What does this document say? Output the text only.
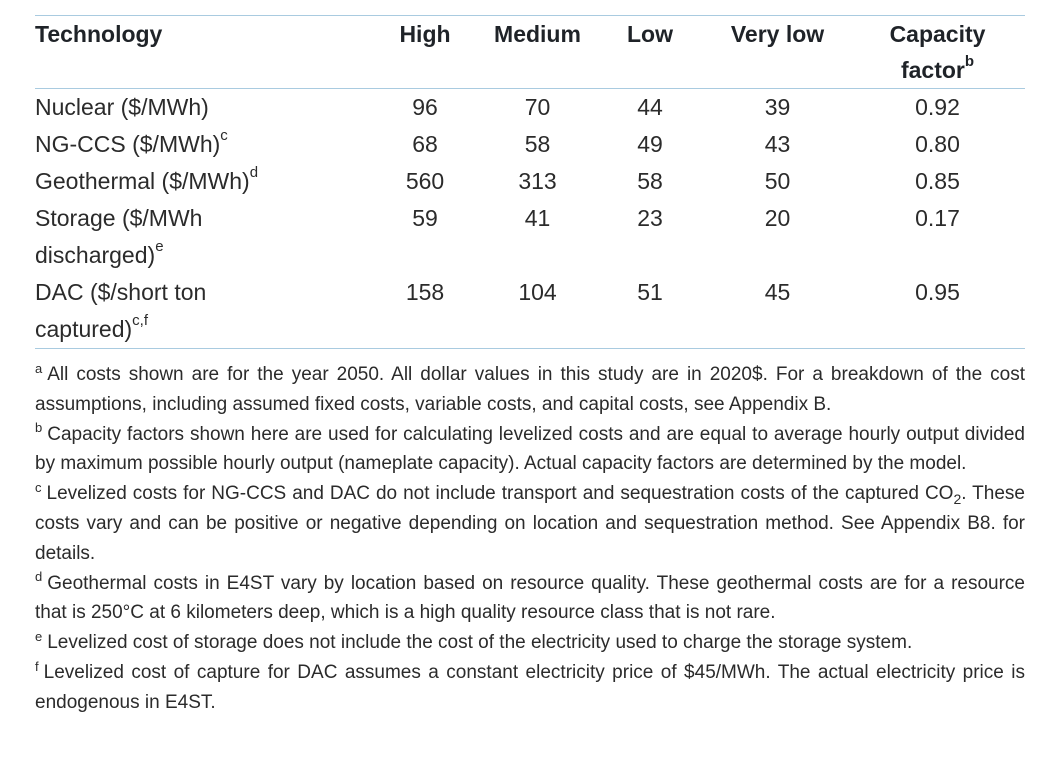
Technology	High	Medium	Low	Very low	Capacity factor$^b$
Nuclear ($/MWh)	96	70	44	39	0.92
NG-CCS ($/MWh)$^c$	68	58	49	43	0.80
Geothermal ($/MWh)$^d$	560	313	58	50	0.85
Storage ($/MWh discharged)$^e$	59	41	23	20	0.17
DAC ($/short ton captured)$^{c,f}$	158	104	51	45	0.95
$^a$ All costs shown are for the year 2050. All dollar values in this study are in 2020$. For a breakdown of the cost assumptions, including assumed fixed costs, variable costs, and capital costs, see Appendix B.
$^b$ Capacity factors shown here are used for calculating levelized costs and are equal to average hourly output divided by maximum possible hourly output (nameplate capacity). Actual capacity factors are determined by the model.
$^c$ Levelized costs for NG-CCS and DAC do not include transport and sequestration costs of the captured $CO_2$. These costs vary and can be positive or negative depending on location and sequestration method. See Appendix B8. for details.
$^d$ Geothermal costs in E4ST vary by location based on resource quality. These geothermal costs are for a resource that is 250°C at 6 kilometers deep, which is a high quality resource class that is not rare.
$^e$ Levelized cost of storage does not include the cost of the electricity used to charge the storage system.
$^f$ Levelized cost of capture for DAC assumes a constant electricity price of $45/MWh. The actual electricity price is endogenous in E4ST.
